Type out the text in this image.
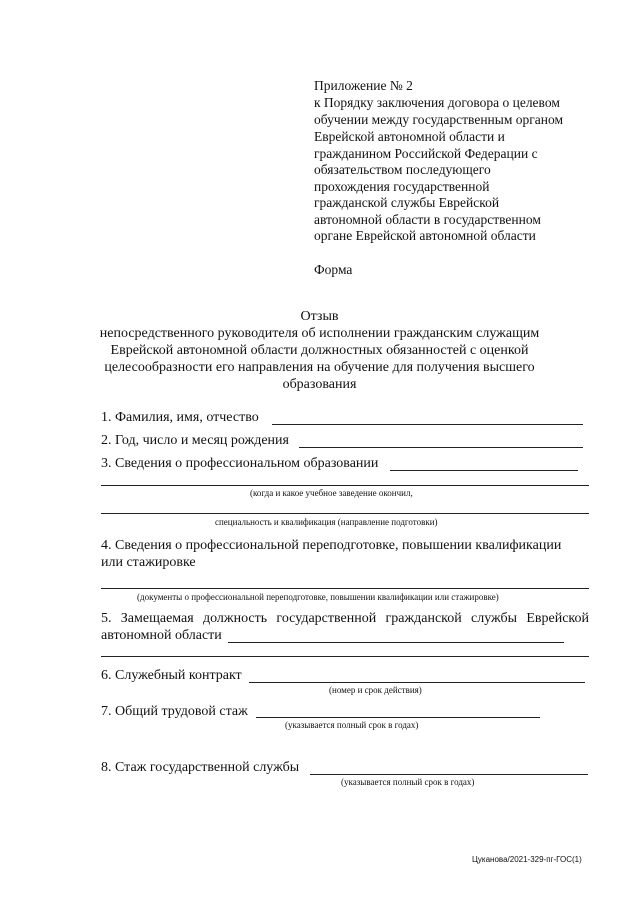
Приложение № 2
к Порядку заключения договора о целевом
обучении между государственным органом
Еврейской автономной области и
гражданином Российской Федерации с
обязательством последующего
прохождения государственной
гражданской службы Еврейской
автономной области в государственном
органе Еврейской автономной области
Форма
Отзыв
непосредственного руководителя об исполнении гражданским служащим
Еврейской автономной области должностных обязанностей с оценкой
целесообразности его направления на обучение для получения высшего
образования
1. Фамилия, имя, отчество
2. Год, число и месяц рождения
3. Сведения о профессиональном образовании
(когда и какое учебное заведение окончил,
специальность и квалификация (направление подготовки)
4. Сведения о профессиональной переподготовке, повышении квалификации
или стажировке
(документы о профессиональной переподготовке, повышении квалификации или стажировке)
5. Замещаемая должность государственной гражданской службы Еврейской
автономной области
6. Служебный контракт
(номер и срок действия)
7. Общий трудовой стаж
(указывается полный срок в годах)
8. Стаж государственной службы
(указывается полный срок в годах)
Цуканова/2021-329-пг-ГОС(1)
